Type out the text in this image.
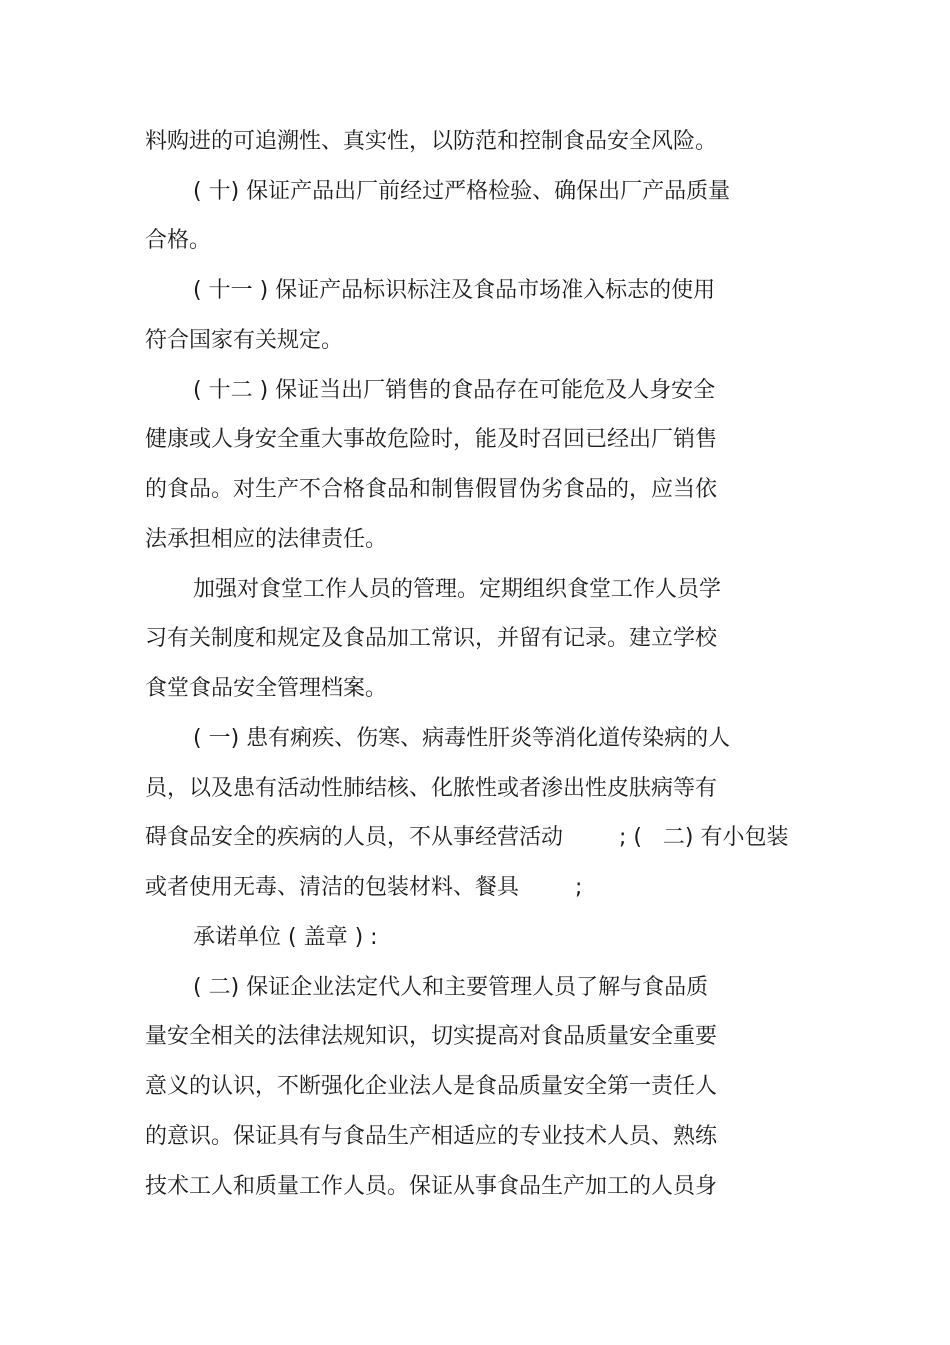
料购进的可追溯性、真实性，以防范和控制食品安全风险。
( 十) 保证产品出厂前经过严格检验、确保出厂产品质量
合格。
( 十一 ) 保证产品标识标注及食品市场准入标志的使用
符合国家有关规定。
( 十二 ) 保证当出厂销售的食品存在可能危及人身安全
健康或人身安全重大事故危险时，能及时召回已经出厂销售
的食品。对生产不合格食品和制售假冒伪劣食品的，应当依
法承担相应的法律责任。
加强对食堂工作人员的管理。定期组织食堂工作人员学
习有关制度和规定及食品加工常识，并留有记录。建立学校
食堂食品安全管理档案。
( 一) 患有痢疾、伤寒、病毒性肝炎等消化道传染病的人
员，以及患有活动性肺结核、化脓性或者渗出性皮肤病等有
碍食品安全的疾病的人员，不从事经营活动        ; (   二) 有小包装
或者使用无毒、清洁的包装材料、餐具        ;
承诺单位 ( 盖章 ) :
( 二) 保证企业法定代人和主要管理人员了解与食品质
量安全相关的法律法规知识，切实提高对食品质量安全重要
意义的认识，不断强化企业法人是食品质量安全第一责任人
的意识。保证具有与食品生产相适应的专业技术人员、熟练
技术工人和质量工作人员。保证从事食品生产加工的人员身
